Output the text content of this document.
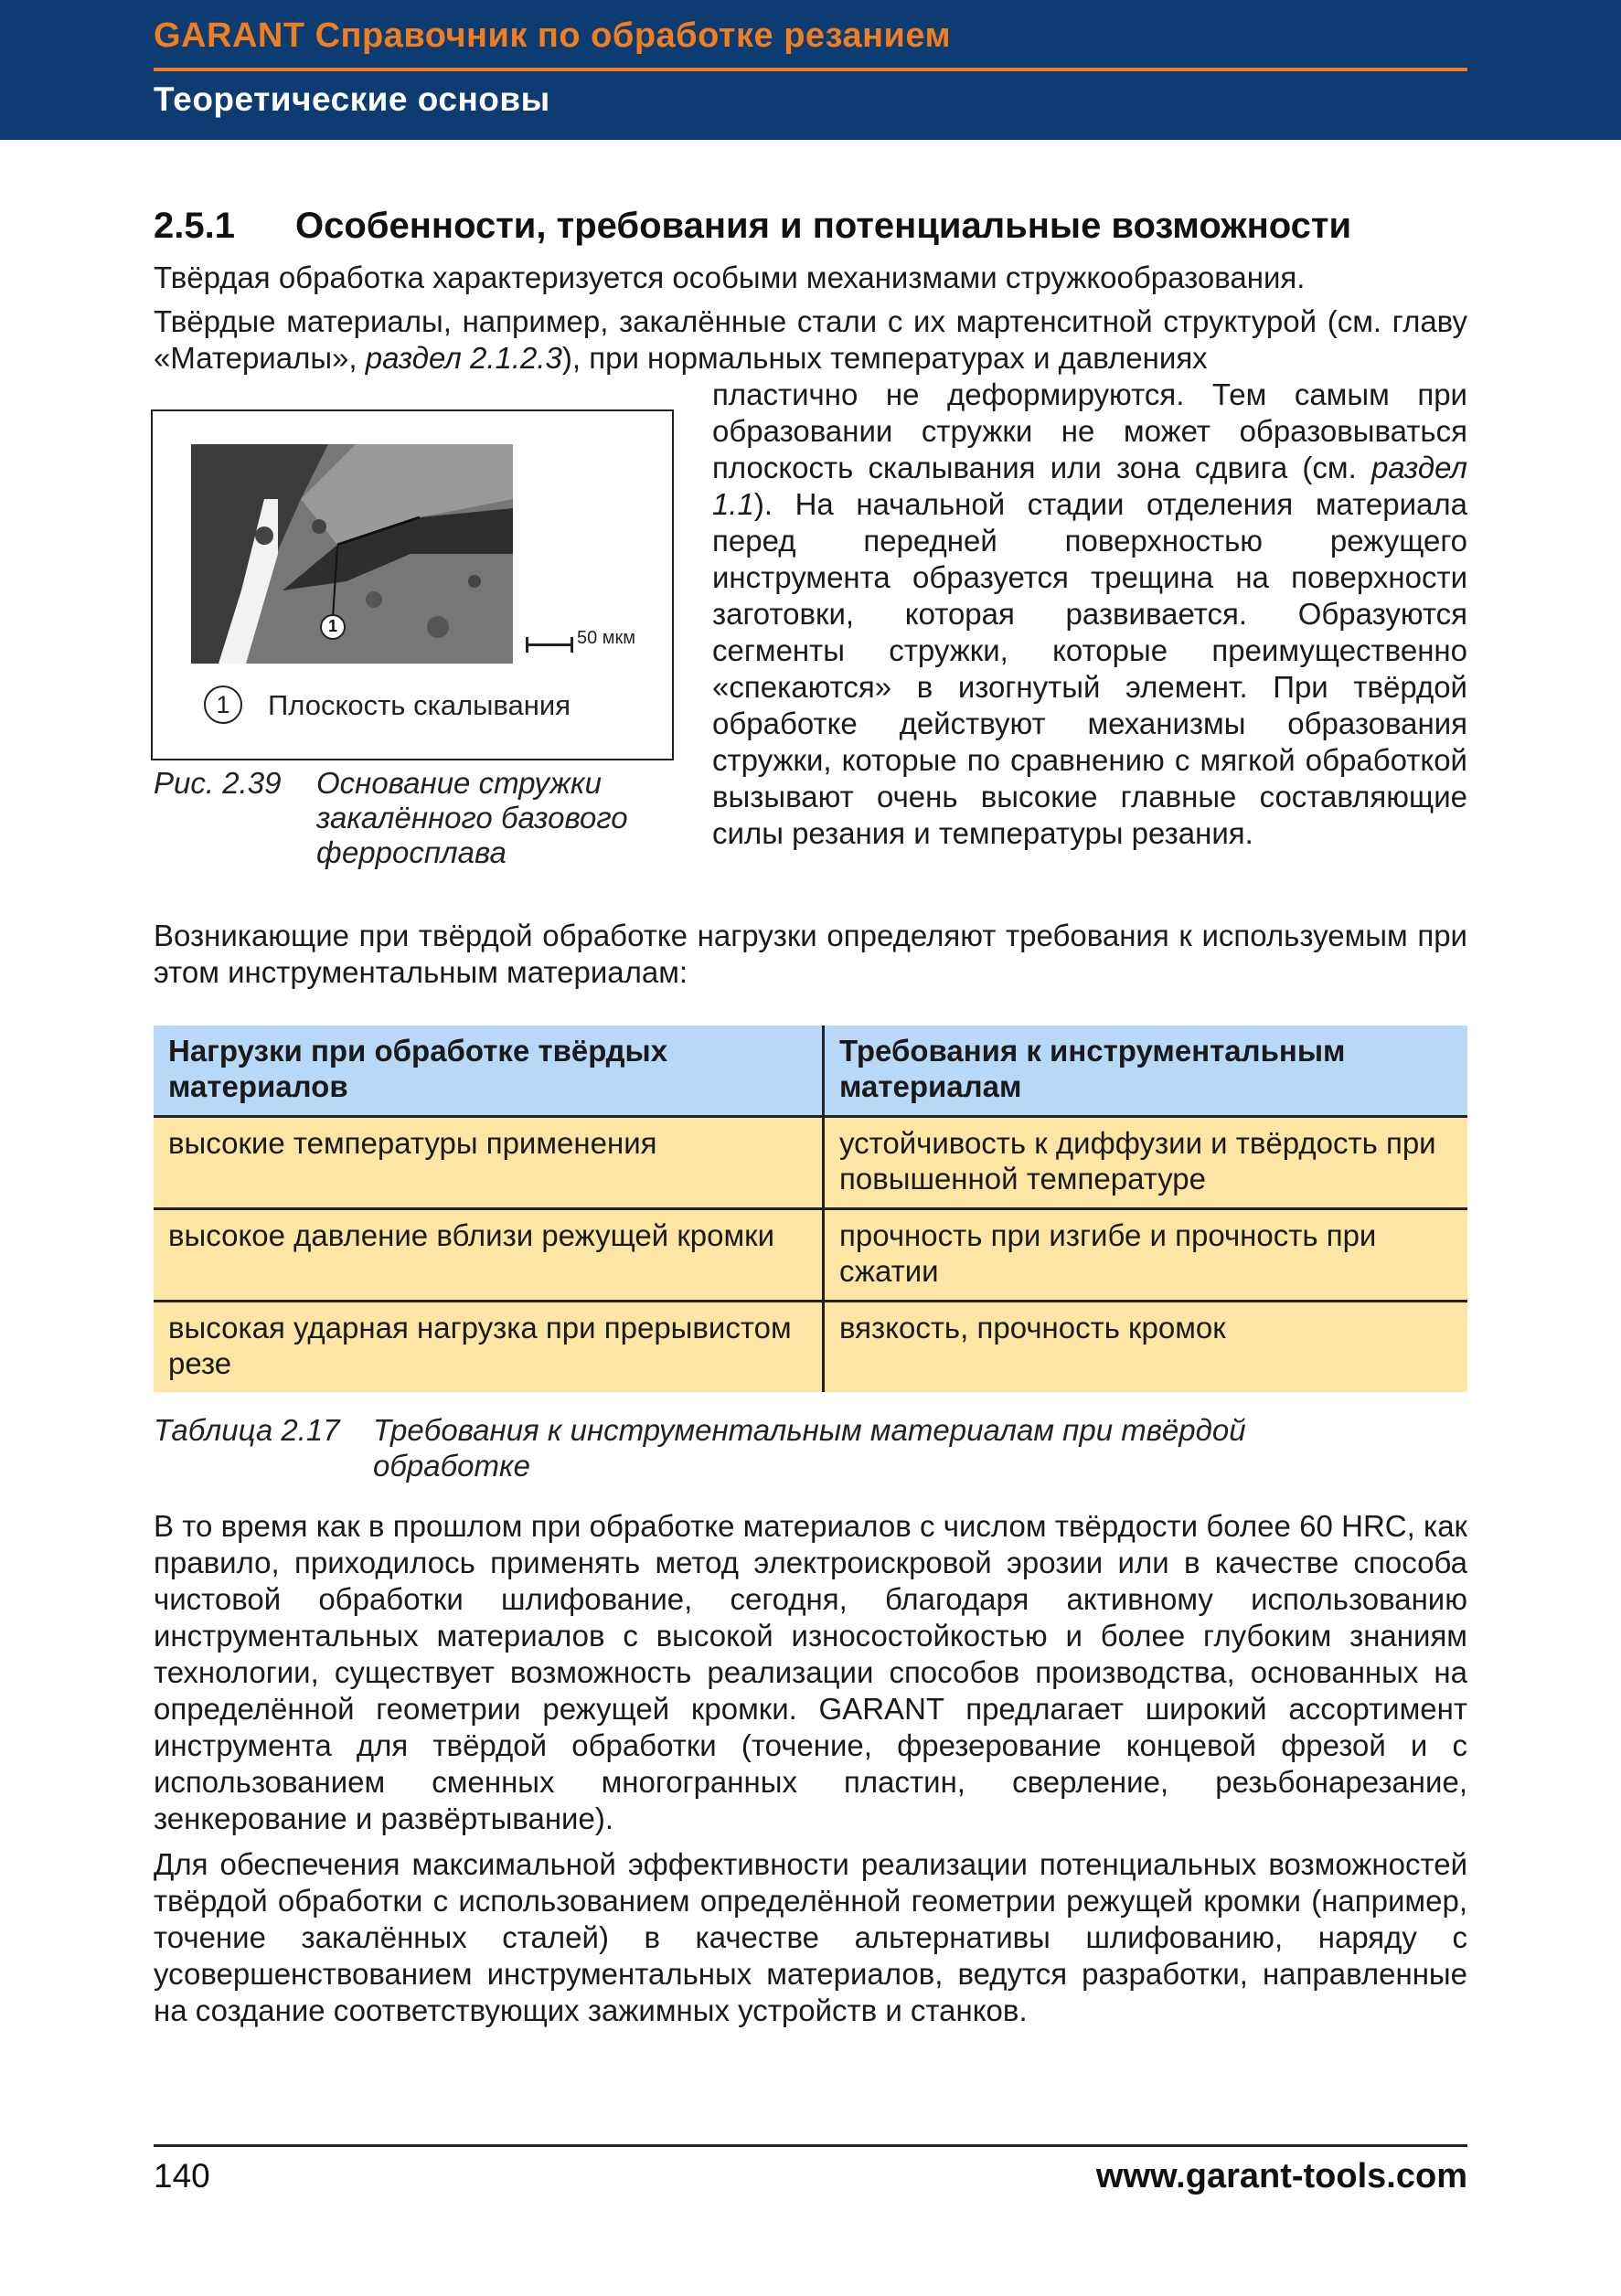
GARANT Справочник по обработке резанием
Теоретические основы
2.5.1 Особенности, требования и потенциальные возможности

Твёрдая обработка характеризуется особыми механизмами стружкообразования.

Твёрдые материалы, например, закалённые стали с их мартенситной структурой (см. главу «Материалы», раздел 2.1.2.3), при нормальных температурах и давлениях

пластично не деформируются. Тем самым при образовании стружки не может образовываться плоскость скалывания или зона сдвига (см. раздел 1.1). На начальной стадии отделения материала перед передней поверхностью режущего инструмента образуется трещина на поверхности заготовки, которая развивается. Образуются сегменты стружки, которые преимущественно «спекаются» в изогнутый элемент. При твёрдой обработке действуют механизмы образования стружки, которые по сравнению с мягкой обработкой вызывают очень высокие главные составляющие силы резания и температуры резания.

1
50 мкм
1	Плоскость скалывания
Рис. 2.39 Основание стружки закалённого базового ферросплава

Возникающие при твёрдой обработке нагрузки определяют требования к используемым при этом инструментальным материалам:

Нагрузки при обработке твёрдых материалов	Требования к инструментальным материалам
высокие температуры применения	устойчивость к диффузии и твёрдость при повышенной температуре
высокое давление вблизи режущей кромки	прочность при изгибе и прочность при сжатии
высокая ударная нагрузка при прерывистом резе	вязкость, прочность кромок
Таблица 2.17 Требования к инструментальным материалам при твёрдой обработке

В то время как в прошлом при обработке материалов с числом твёрдости более 60 HRC, как правило, приходилось применять метод электроискровой эрозии или в качестве способа чистовой обработки шлифование, сегодня, благодаря активному использованию инструментальных материалов с высокой износостойкостью и более глубоким знаниям технологии, существует возможность реализации способов производства, основанных на определённой геометрии режущей кромки. GARANT предлагает широкий ассортимент инструмента для твёрдой обработки (точение, фрезерование концевой фрезой и с использованием сменных многогранных пластин, сверление, резьбонарезание, зенкерование и развёртывание).

Для обеспечения максимальной эффективности реализации потенциальных возможностей твёрдой обработки с использованием определённой геометрии режущей кромки (например, точение закалённых сталей) в качестве альтернативы шлифованию, наряду с усовершенствованием инструментальных материалов, ведутся разработки, направленные на создание соответствующих зажимных устройств и станков.

140	www.garant-tools.com
